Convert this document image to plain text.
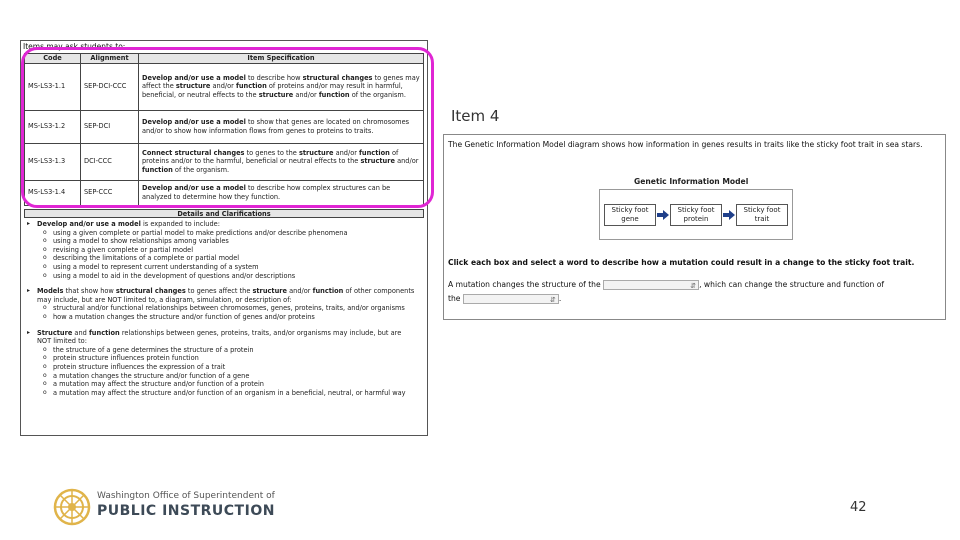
Items may ask students to:
Code	Alignment	Item Specification
MS-LS3-1.1	SEP-DCI-CCC	Develop and/or use a model to describe how structural changes to genes may affect the structure and/or function of proteins and/or may result in harmful, beneficial, or neutral effects to the structure and/or function of the organism.
MS-LS3-1.2	SEP-DCI	Develop and/or use a model to show that genes are located on chromosomes and/or to show how information flows from genes to proteins to traits.
MS-LS3-1.3	DCI-CCC	Connect structural changes to genes to the structure and/or function of proteins and/or to the harmful, beneficial or neutral effects to the structure and/or function of the organism.
MS-LS3-1.4	SEP-CCC	Develop and/or use a model to describe how complex structures can be analyzed to determine how they function.
Details and Clarifications
▸ Develop and/or use a model is expanded to include:
o using a given complete or partial model to make predictions and/or describe phenomena
o using a model to show relationships among variables
o revising a given complete or partial model
o describing the limitations of a complete or partial model
o using a model to represent current understanding of a system
o using a model to aid in the development of questions and/or descriptions
▸ Models that show how structural changes to genes affect the structure and/or function of other components may include, but are NOT limited to, a diagram, simulation, or description of:
o structural and/or functional relationships between chromosomes, genes, proteins, traits, and/or organisms
o how a mutation changes the structure and/or function of genes and/or proteins
▸ Structure and function relationships between genes, proteins, traits, and/or organisms may include, but are NOT limited to:
o the structure of a gene determines the structure of a protein
o protein structure influences protein function
o protein structure influences the expression of a trait
o a mutation changes the structure and/or function of a gene
o a mutation may affect the structure and/or function of a protein
o a mutation may affect the structure and/or function of an organism in a beneficial, neutral, or harmful way
Item 4
The Genetic Information Model diagram shows how information in genes results in traits like the sticky foot trait in sea stars.
Genetic Information Model
Sticky foot
gene
Sticky foot
protein
Sticky foot
trait
Click each box and select a word to describe how a mutation could result in a change to the sticky foot trait.
A mutation changes the structure of the	⇵ , which can change the structure and function of
the	⇵ .
Washington Office of Superintendent of
PUBLIC INSTRUCTION	42
